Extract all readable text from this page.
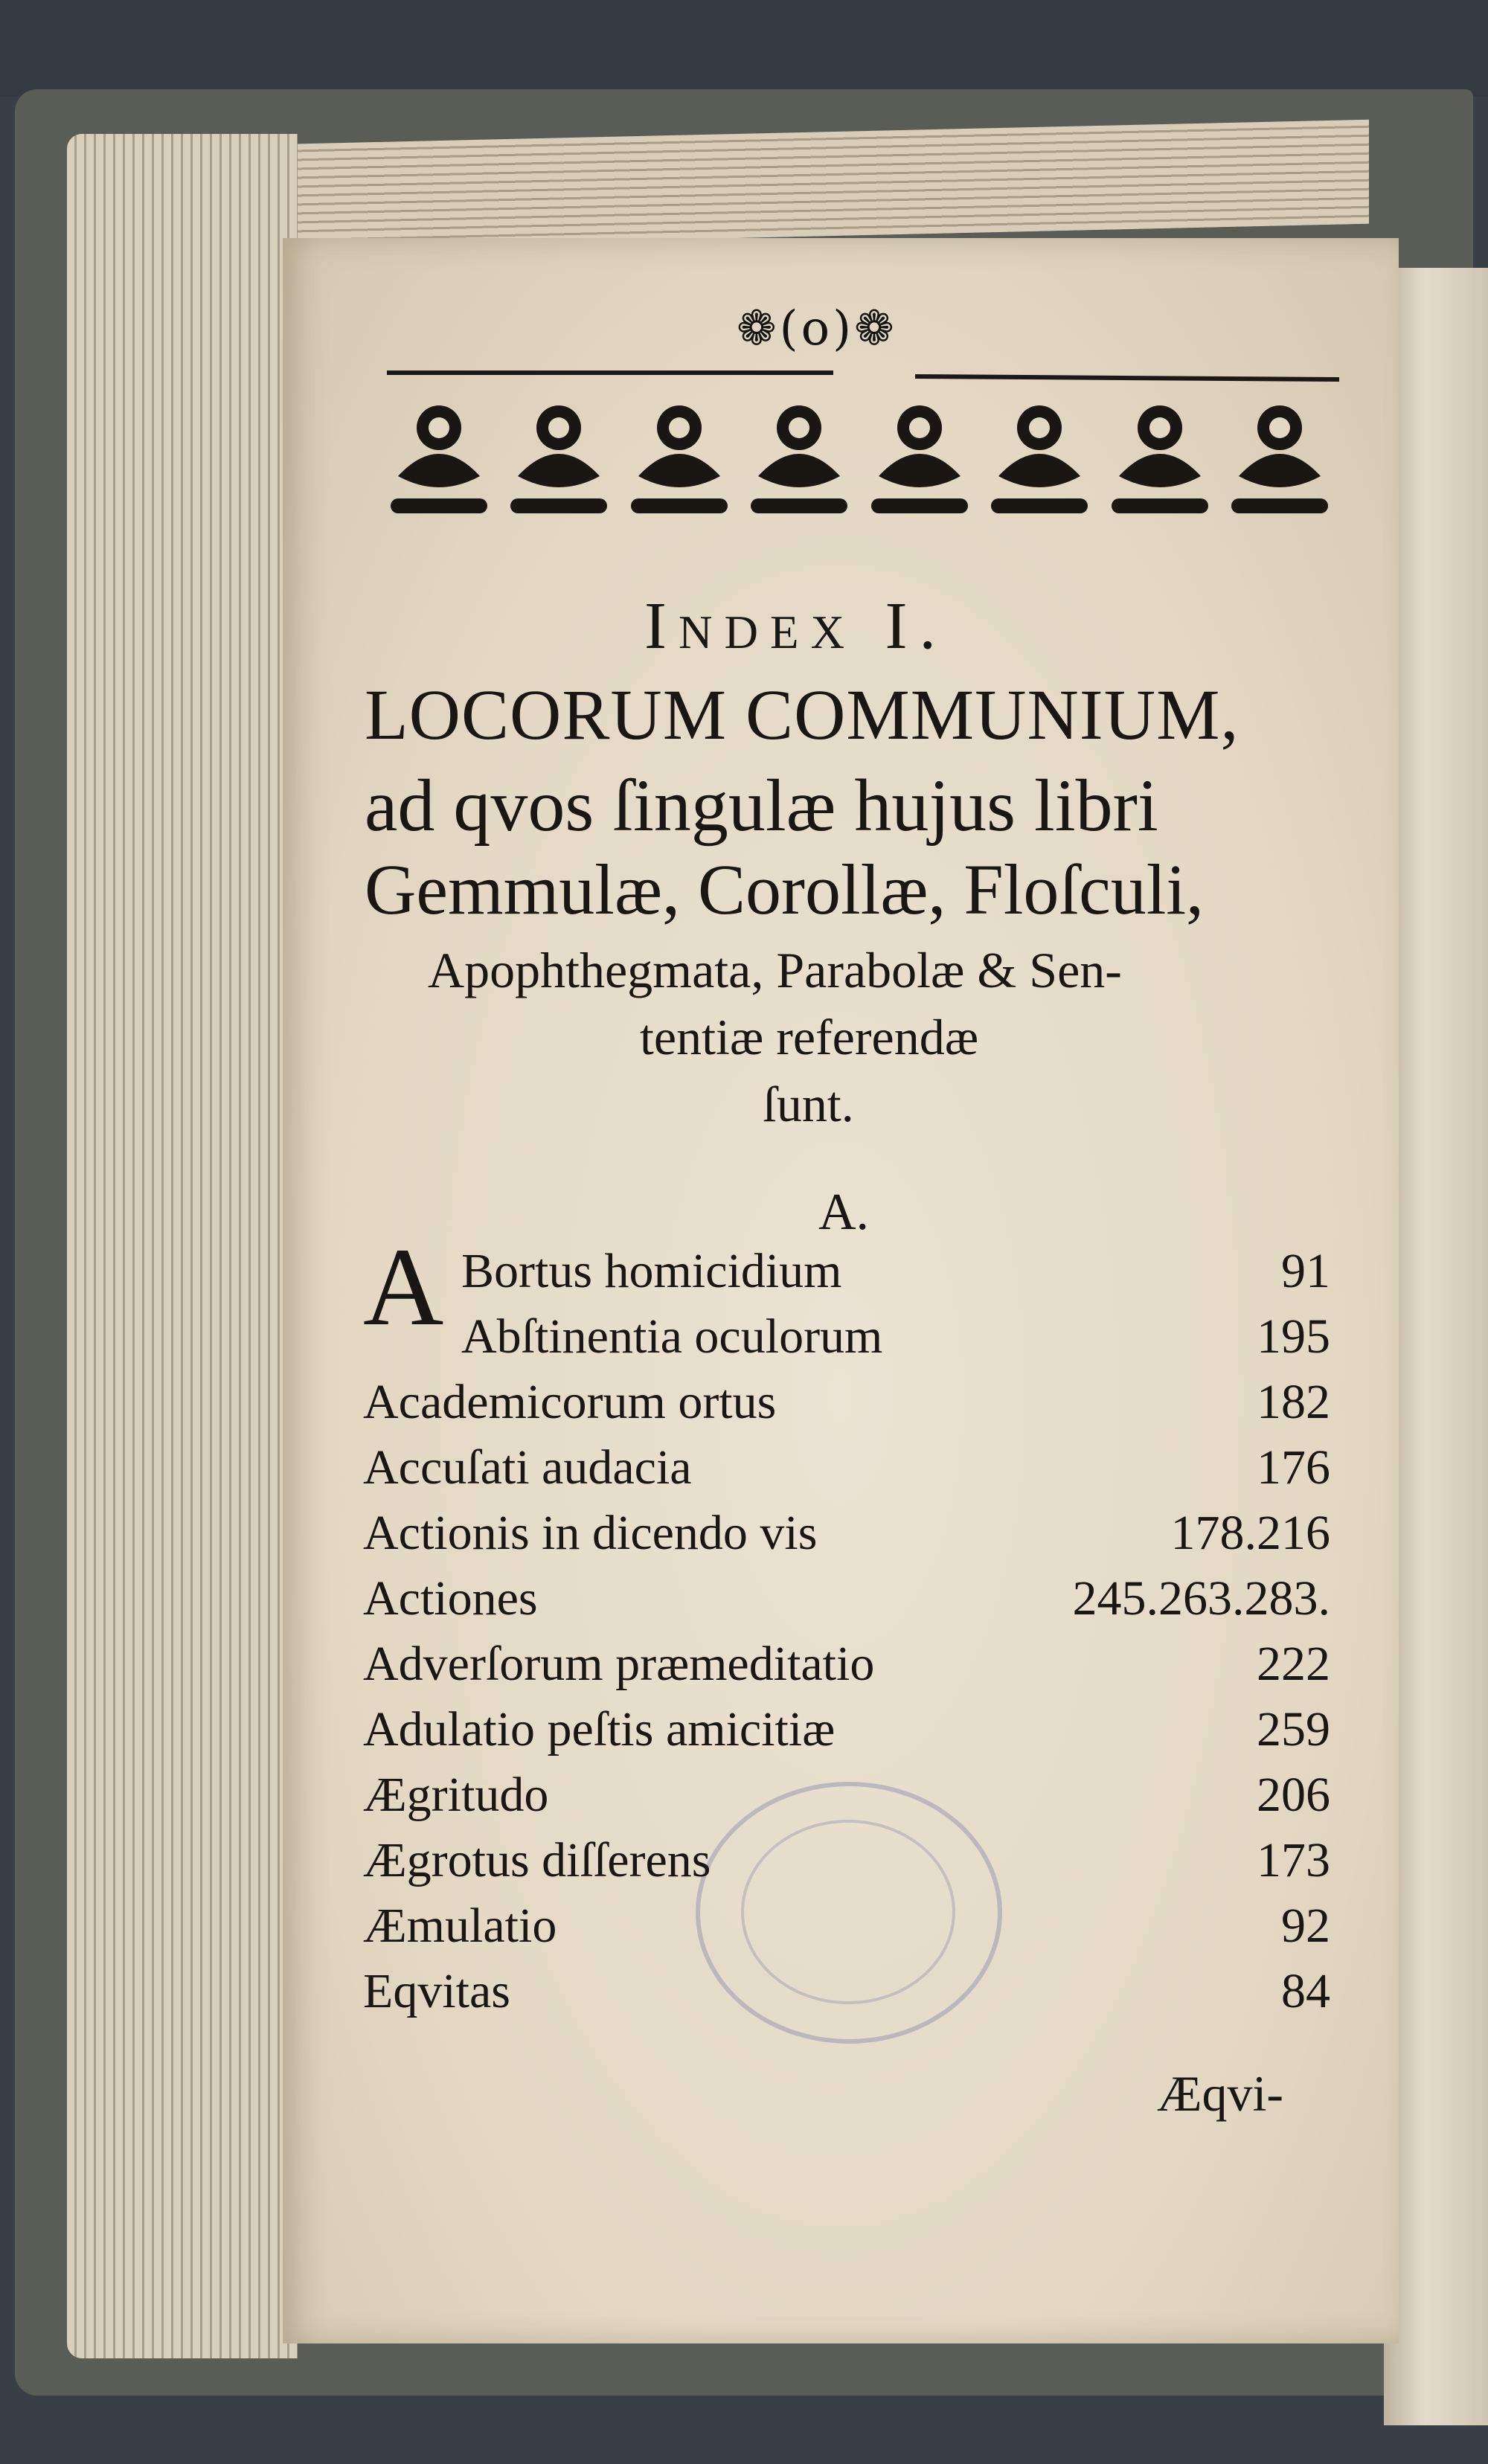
❁(o)❁
Index I.
LOCORUM COMMUNIUM,
ad qvos ſingulæ hujus libri
Gemmulæ, Corollæ, Floſculi,
Apophthegmata, Parabolæ & Sen-
tentiæ referendæ
ſunt.
A.
A Bortus homicidium	91
Abſtinentia oculorum	195
Academicorum ortus	182
Accuſati audacia	176
Actionis in dicendo vis	178.216
Actiones	245.263.283.
Adverſorum præmeditatio	222
Adulatio peſtis amicitiæ	259
Ægritudo	206
Ægrotus diſſerens	173
Æmulatio	92
Eqvitas	84
Æqvi-
